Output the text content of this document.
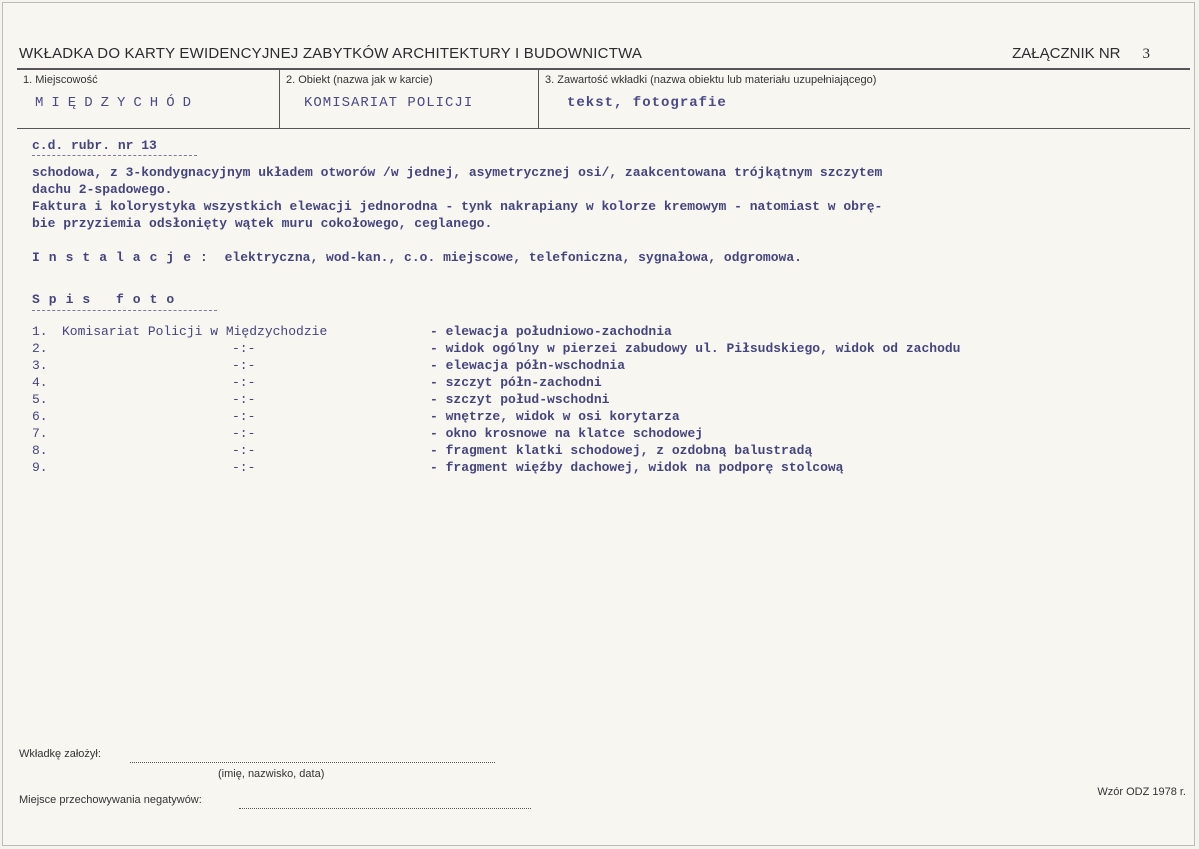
WKŁADKA DO KARTY EWIDENCYJNEJ ZABYTKÓW ARCHITEKTURY I BUDOWNICTWA	ZAŁĄCZNIK NR 3
1. Miejscowość
MIĘDZYCHÓD
2. Obiekt (nazwa jak w karcie)
KOMISARIAT POLICJI
3. Zawartość wkładki (nazwa obiektu lub materiału uzupełniającego)
tekst, fotografie
c.d. rubr. nr 13
schodowa, z 3-kondygnacyjnym układem otworów /w jednej, asymetrycznej osi/, zaakcentowana trójkątnym szczytem
dachu 2-spadowego.
Faktura i kolorystyka wszystkich elewacji jednorodna - tynk nakrapiany w kolorze kremowym - natomiast w obrę-
bie przyziemia odsłonięty wątek muru cokołowego, ceglanego.
Instalacje: elektryczna, wod-kan., c.o. miejscowe, telefoniczna, sygnałowa, odgromowa.
Spis foto
1. Komisariat Policji w Międzychodzie	- elewacja południowo-zachodnia
2.	-:-	- widok ogólny w pierzei zabudowy ul. Piłsudskiego, widok od zachodu
3.	-:-	- elewacja półn-wschodnia
4.	-:-	- szczyt półn-zachodni
5.	-:-	- szczyt połud-wschodni
6.	-:-	- wnętrze, widok w osi korytarza
7.	-:-	- okno krosnowe na klatce schodowej
8.	-:-	- fragment klatki schodowej, z ozdobną balustradą
9.	-:-	- fragment więźby dachowej, widok na podporę stolcową
Wkładkę założył:
(imię, nazwisko, data)
Miejsce przechowywania negatywów:
Wzór ODZ 1978 r.
